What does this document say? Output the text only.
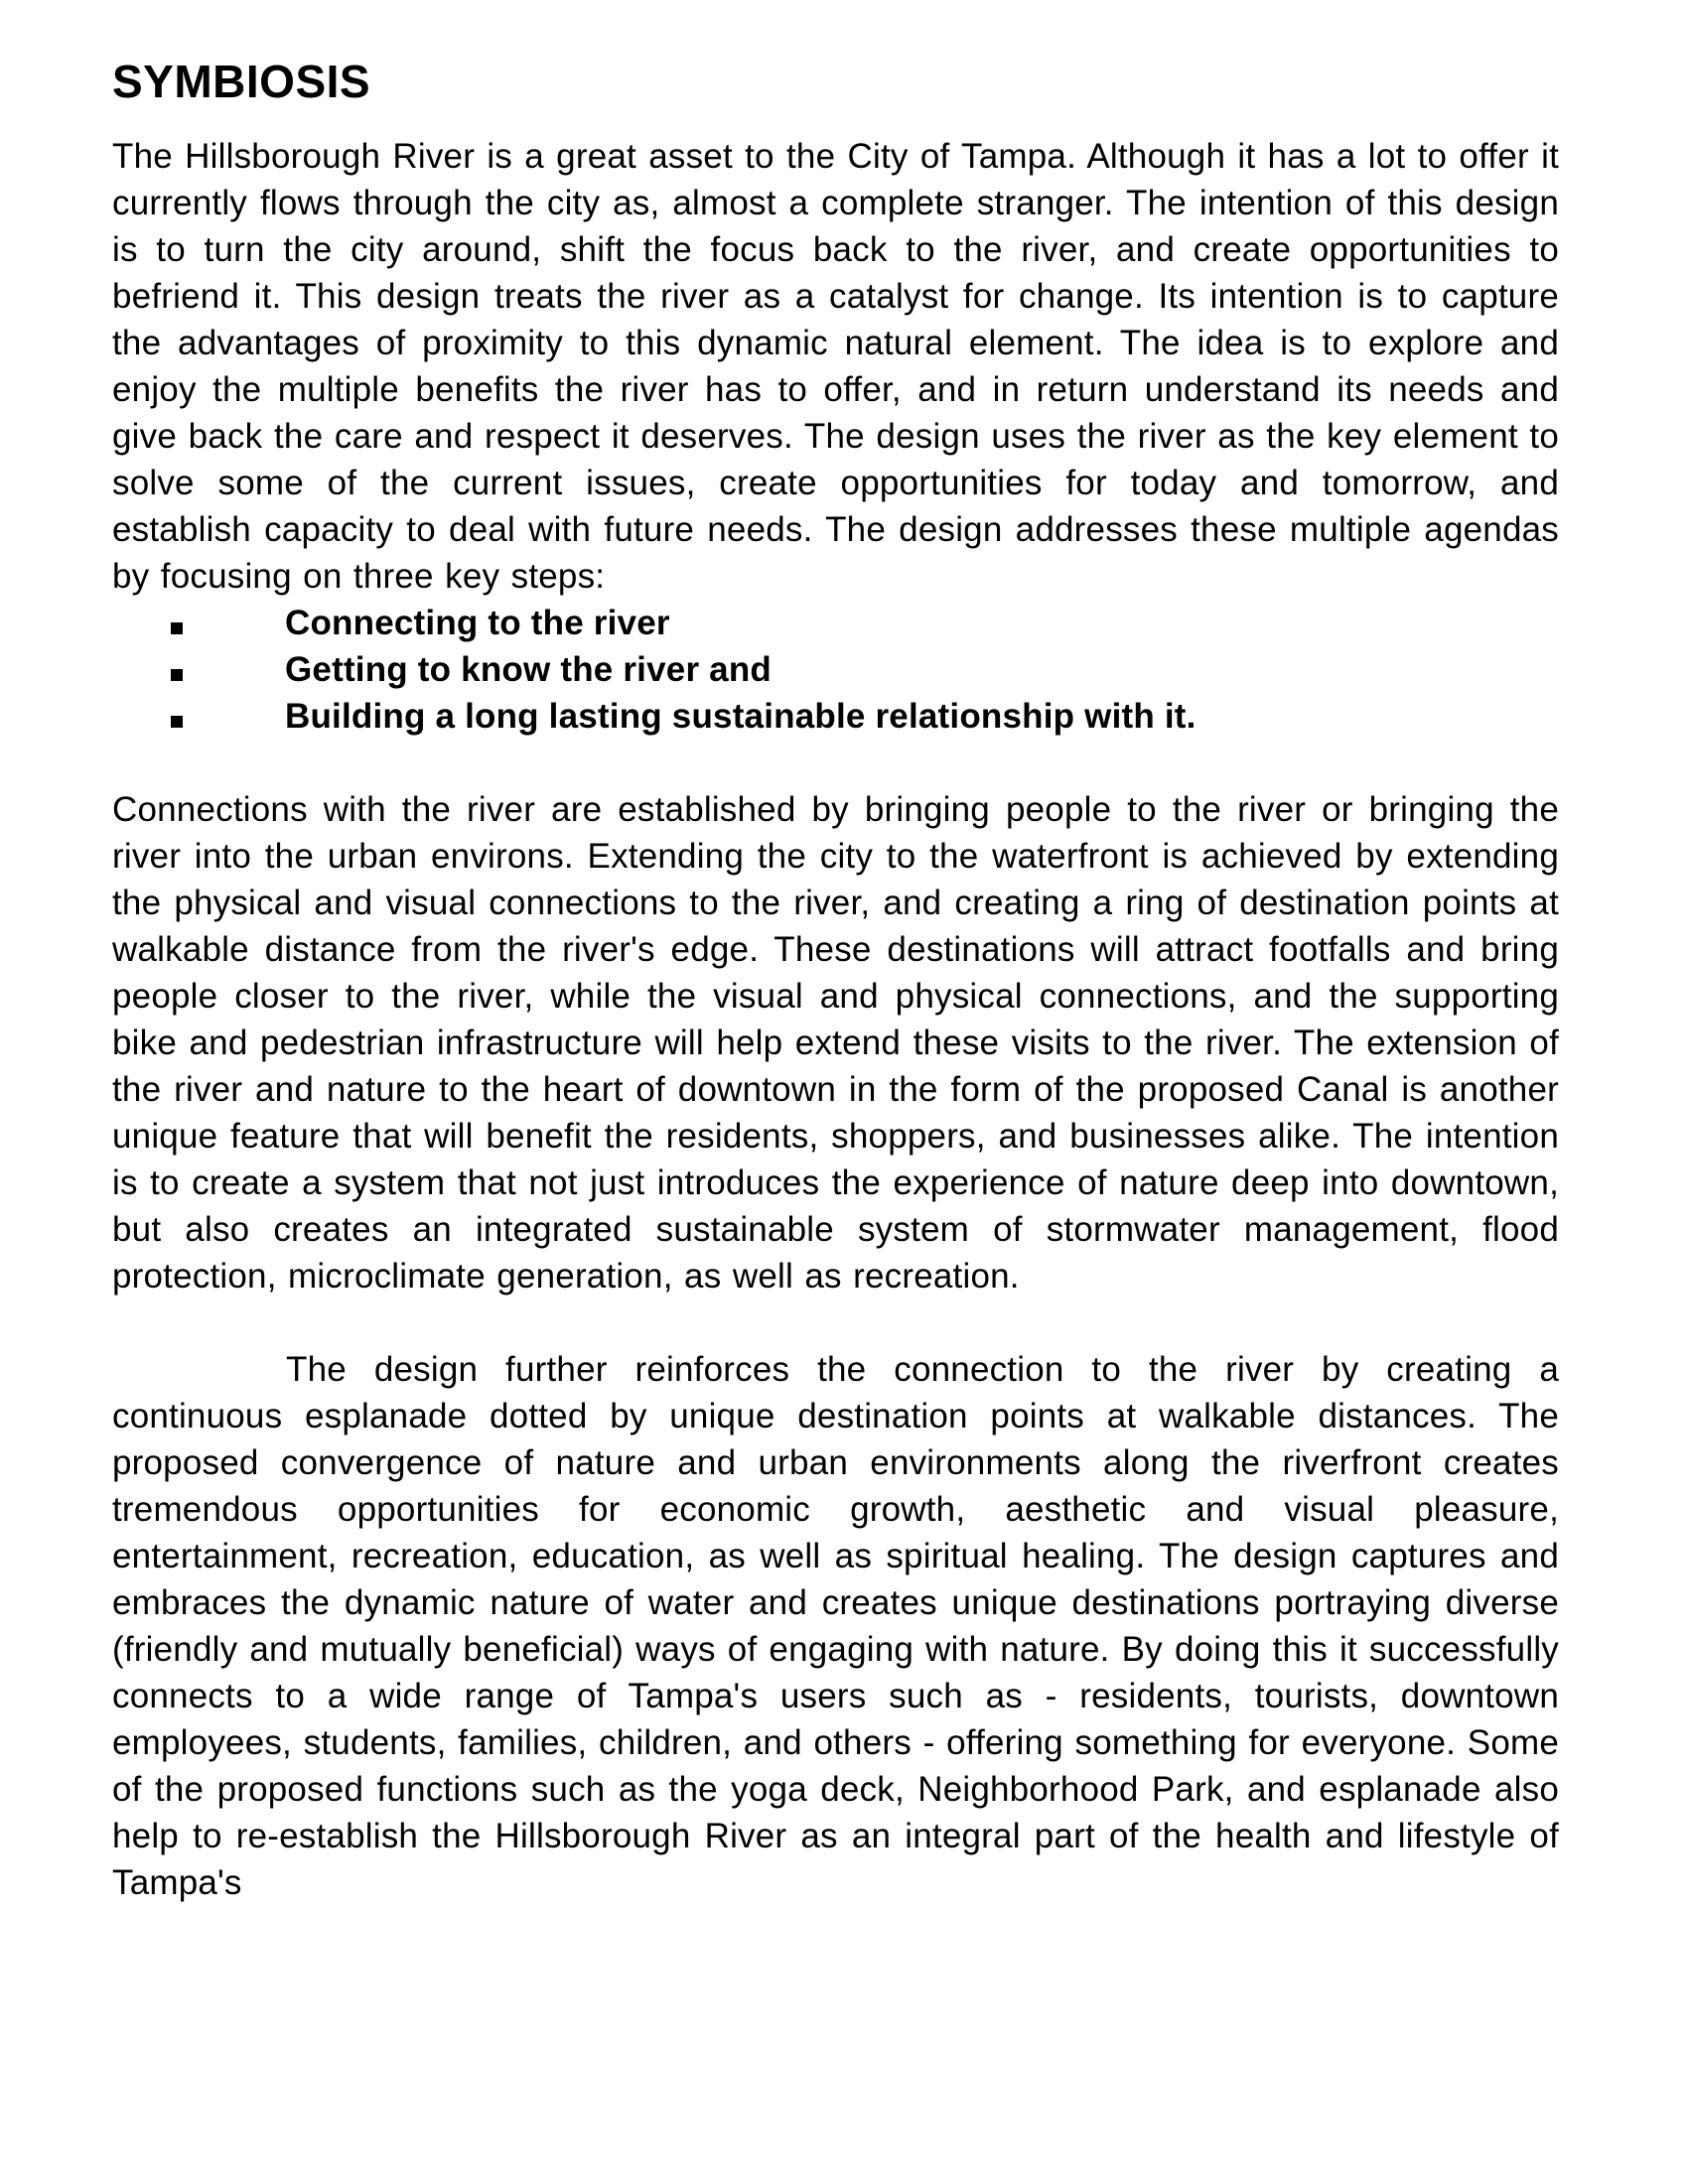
SYMBIOSIS

The Hillsborough River is a great asset to the City of Tampa. Although it has a lot to offer it currently flows through the city as, almost a complete stranger. The intention of this design is to turn the city around, shift the focus back to the river, and create opportunities to befriend it. This design treats the river as a catalyst for change. Its intention is to capture the advantages of proximity to this dynamic natural element. The idea is to explore and enjoy the multiple benefits the river has to offer, and in return understand its needs and give back the care and respect it deserves. The design uses the river as the key element to solve some of the current issues, create opportunities for today and tomorrow, and establish capacity to deal with future needs. The design addresses these multiple agendas by focusing on three key steps:

Connecting to the river
Getting to know the river and
Building a long lasting sustainable relationship with it.

Connections with the river are established by bringing people to the river or bringing the river into the urban environs. Extending the city to the waterfront is achieved by extending the physical and visual connections to the river, and creating a ring of destination points at walkable distance from the river's edge. These destinations will attract footfalls and bring people closer to the river, while the visual and physical connections, and the supporting bike and pedestrian infrastructure will help extend these visits to the river. The extension of the river and nature to the heart of downtown in the form of the proposed Canal is another unique feature that will benefit the residents, shoppers, and businesses alike. The intention is to create a system that not just introduces the experience of nature deep into downtown, but also creates an integrated sustainable system of stormwater management, flood protection, microclimate generation, as well as recreation.

The design further reinforces the connection to the river by creating a continuous esplanade dotted by unique destination points at walkable distances. The proposed convergence of nature and urban environments along the riverfront creates tremendous opportunities for economic growth, aesthetic and visual pleasure, entertainment, recreation, education, as well as spiritual healing. The design captures and embraces the dynamic nature of water and creates unique destinations portraying diverse (friendly and mutually beneficial) ways of engaging with nature. By doing this it successfully connects to a wide range of Tampa's users such as - residents, tourists, downtown employees, students, families, children, and others - offering something for everyone. Some of the proposed functions such as the yoga deck, Neighborhood Park, and esplanade also help to re-establish the Hillsborough River as an integral part of the health and lifestyle of Tampa's
